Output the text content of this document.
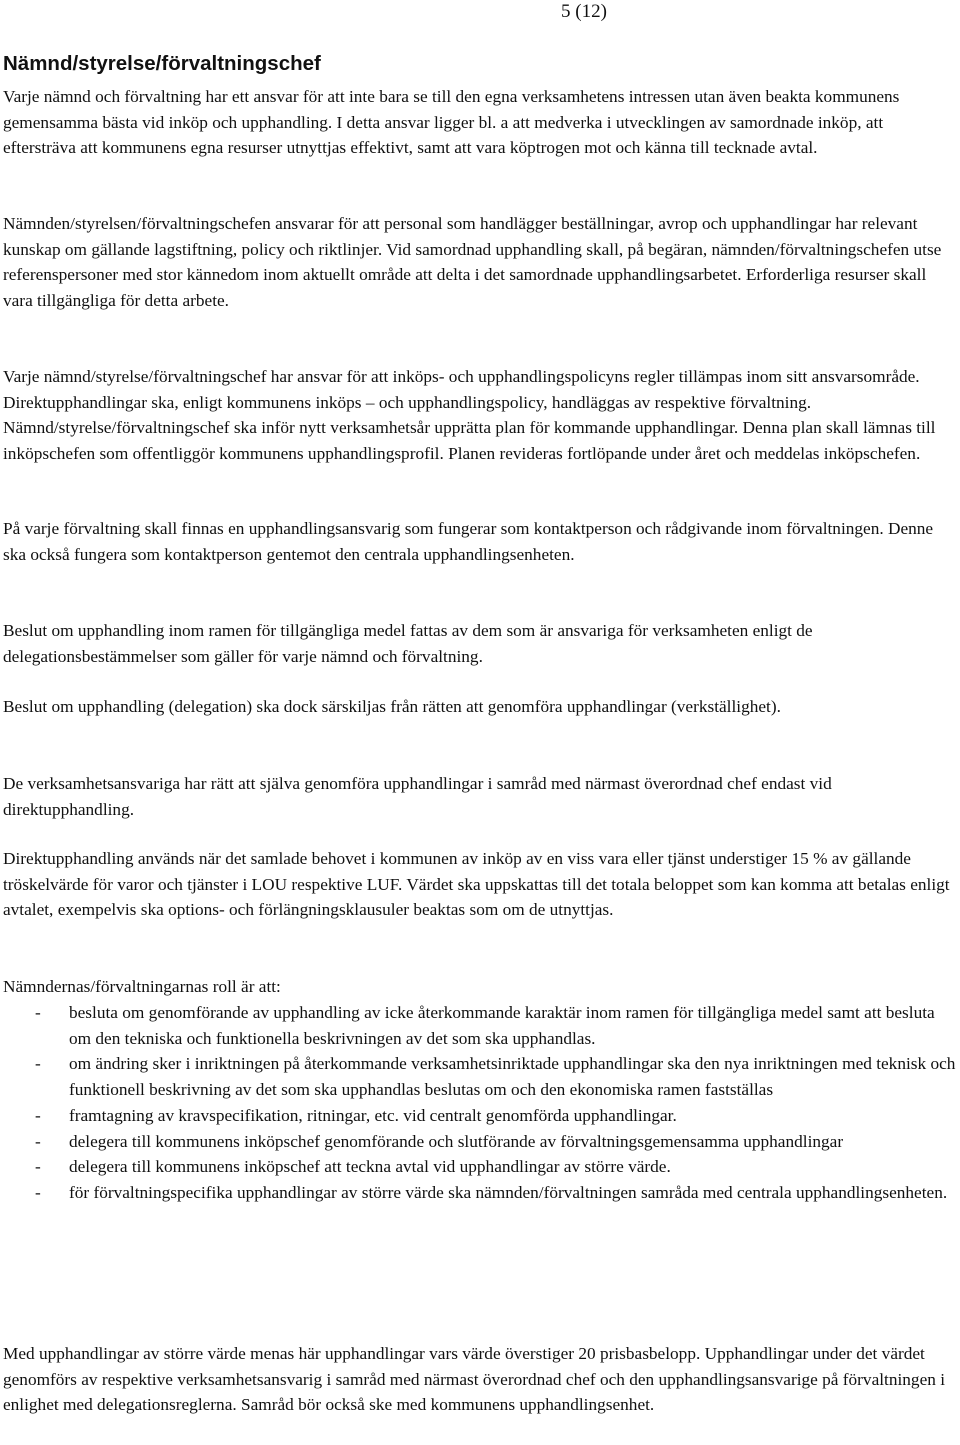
5 (12)
Nämnd/styrelse/förvaltningschef

Varje nämnd och förvaltning har ett ansvar för att inte bara se till den egna verksamhetens intressen utan även beakta kommunens gemensamma bästa vid inköp och upphandling. I detta ansvar ligger bl. a att medverka i utvecklingen av samordnade inköp, att eftersträva att kommunens egna resurser utnyttjas effektivt, samt att vara köptrogen mot och känna till tecknade avtal.

Nämnden/styrelsen/förvaltningschefen ansvarar för att personal som handlägger beställningar, avrop och upphandlingar har relevant kunskap om gällande lagstiftning, policy och riktlinjer. Vid samordnad upphandling skall, på begäran, nämnden/förvaltningschefen utse referenspersoner med stor kännedom inom aktuellt område att delta i det samordnade upphandlingsarbetet. Erforderliga resurser skall vara tillgängliga för detta arbete.

Varje nämnd/styrelse/förvaltningschef har ansvar för att inköps- och upphandlingspolicyns regler tillämpas inom sitt ansvarsområde. Direktupphandlingar ska, enligt kommunens inköps – och upphandlingspolicy, handläggas av respektive förvaltning. Nämnd/styrelse/förvaltningschef ska inför nytt verksamhetsår upprätta plan för kommande upphandlingar. Denna plan skall lämnas till inköpschefen som offentliggör kommunens upphandlingsprofil. Planen revideras fortlöpande under året och meddelas inköpschefen.

På varje förvaltning skall finnas en upphandlingsansvarig som fungerar som kontaktperson och rådgivande inom förvaltningen. Denne ska också fungera som kontaktperson gentemot den centrala upphandlingsenheten.

Beslut om upphandling inom ramen för tillgängliga medel fattas av dem som är ansvariga för verksamheten enligt de delegationsbestämmelser som gäller för varje nämnd och förvaltning.

Beslut om upphandling (delegation) ska dock särskiljas från rätten att genomföra upphandlingar (verkställighet).

De verksamhetsansvariga har rätt att själva genomföra upphandlingar i samråd med närmast överordnad chef endast vid direktupphandling.

Direktupphandling används när det samlade behovet i kommunen av inköp av en viss vara eller tjänst understiger 15 % av gällande tröskelvärde för varor och tjänster i LOU respektive LUF. Värdet ska uppskattas till det totala beloppet som kan komma att betalas enligt avtalet, exempelvis ska options- och förlängningsklausuler beaktas som om de utnyttjas.

Nämndernas/förvaltningarnas roll är att:

- besluta om genomförande av upphandling av icke återkommande karaktär inom ramen för tillgängliga medel samt att besluta om den tekniska och funktionella beskrivningen av det som ska upphandlas.
- om ändring sker i inriktningen på återkommande verksamhetsinriktade upphandlingar ska den nya inriktningen med teknisk och funktionell beskrivning av det som ska upphandlas beslutas om och den ekonomiska ramen fastställas
- framtagning av kravspecifikation, ritningar, etc. vid centralt genomförda upphandlingar.
- delegera till kommunens inköpschef genomförande och slutförande av förvaltningsgemensamma upphandlingar
- delegera till kommunens inköpschef att teckna avtal vid upphandlingar av större värde.
- för förvaltningspecifika upphandlingar av större värde ska nämnden/förvaltningen samråda med centrala upphandlingsenheten.

Med upphandlingar av större värde menas här upphandlingar vars värde överstiger 20 prisbasbelopp. Upphandlingar under det värdet genomförs av respektive verksamhetsansvarig i samråd med närmast överordnad chef och den upphandlingsansvarige på förvaltningen i enlighet med delegationsreglerna. Samråd bör också ske med kommunens upphandlingsenhet.
